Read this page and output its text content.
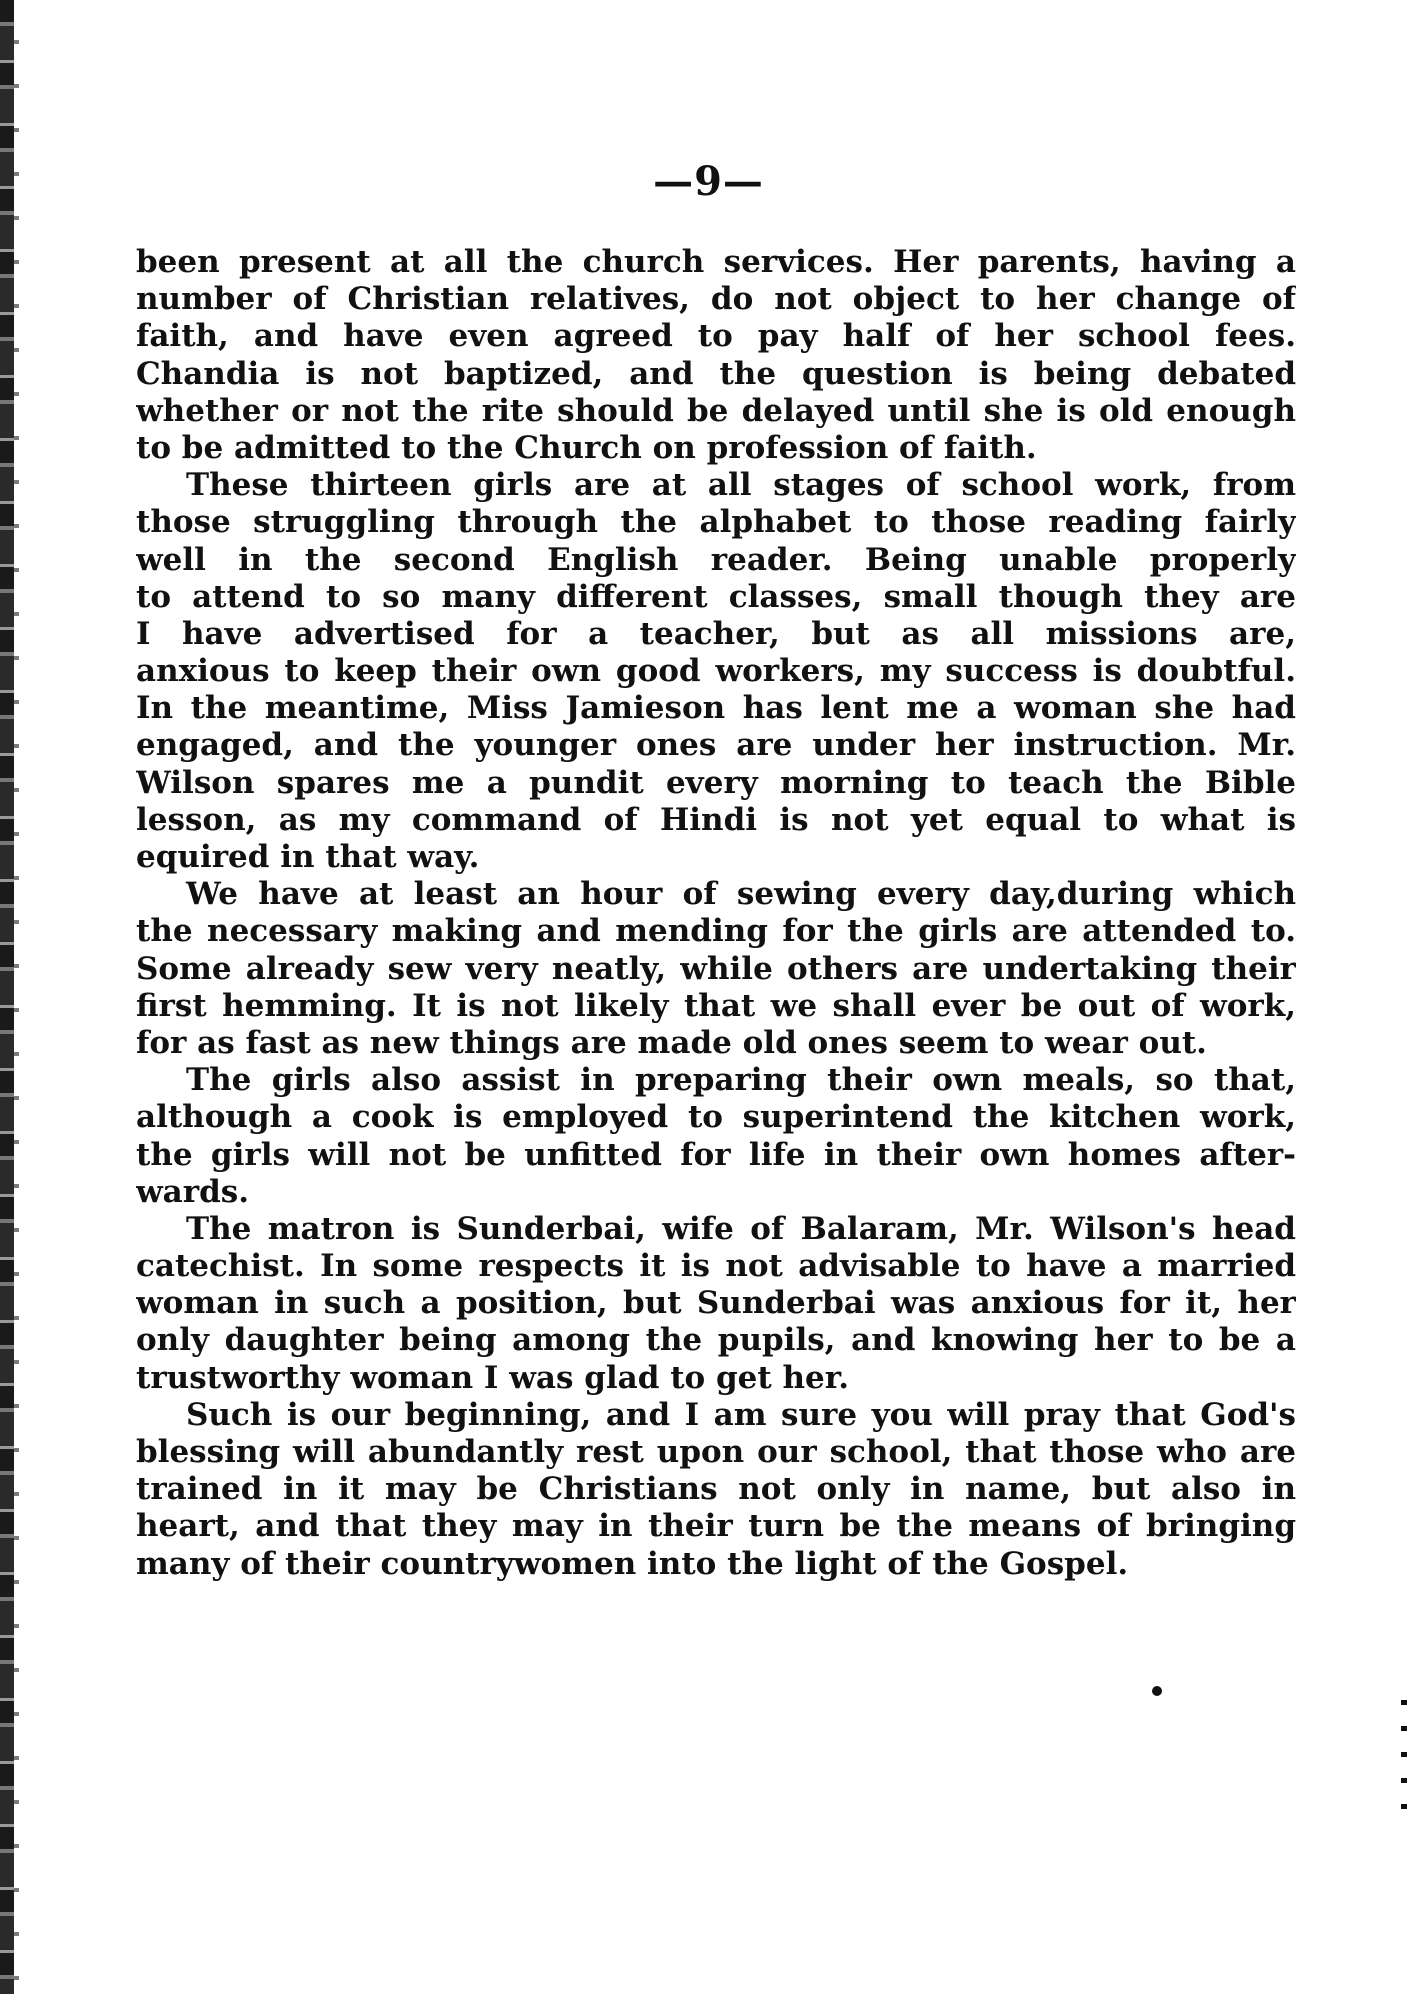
—9—
been present at all the church services. Her parents, having a
number of Christian relatives, do not object to her change of
faith, and have even agreed to pay half of her school fees.
Chandia is not baptized, and the question is being debated
whether or not the rite should be delayed until she is old enough
to be admitted to the Church on profession of faith.
These thirteen girls are at all stages of school work, from
those struggling through the alphabet to those reading fairly
well in the second English reader. Being unable properly
to attend to so many different classes, small though they are
I have advertised for a teacher, but as all missions are,
anxious to keep their own good workers, my success is doubtful.
In the meantime, Miss Jamieson has lent me a woman she had
engaged, and the younger ones are under her instruction. Mr.
Wilson spares me a pundit every morning to teach the Bible
lesson, as my command of Hindi is not yet equal to what is
equired in that way.
We have at least an hour of sewing every day,during which
the necessary making and mending for the girls are attended to.
Some already sew very neatly, while others are undertaking their
first hemming. It is not likely that we shall ever be out of work,
for as fast as new things are made old ones seem to wear out.
The girls also assist in preparing their own meals, so that,
although a cook is employed to superintend the kitchen work,
the girls will not be unfitted for life in their own homes after-
wards.
The matron is Sunderbai, wife of Balaram, Mr. Wilson's head
catechist. In some respects it is not advisable to have a married
woman in such a position, but Sunderbai was anxious for it, her
only daughter being among the pupils, and knowing her to be a
trustworthy woman I was glad to get her.
Such is our beginning, and I am sure you will pray that God's
blessing will abundantly rest upon our school, that those who are
trained in it may be Christians not only in name, but also in
heart, and that they may in their turn be the means of bringing
many of their countrywomen into the light of the Gospel.
